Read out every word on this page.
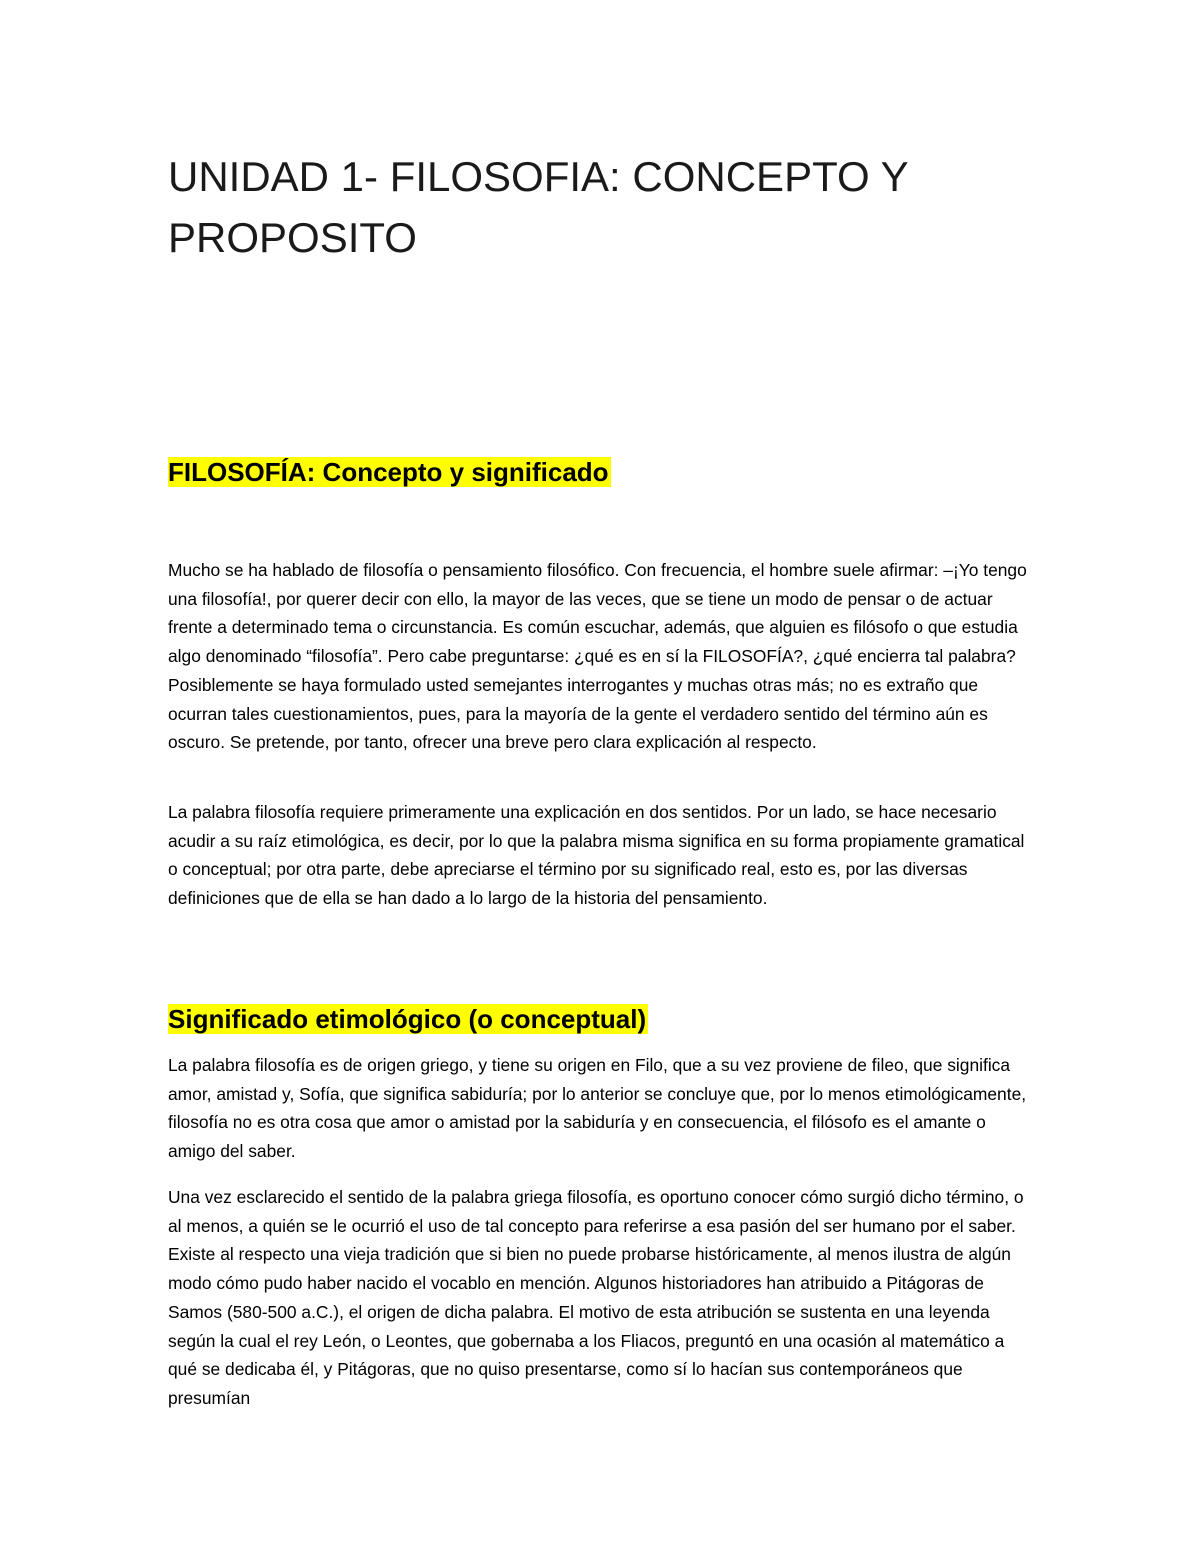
UNIDAD 1- FILOSOFIA: CONCEPTO Y
PROPOSITO
FILOSOFÍA: Concepto y significado

Mucho se ha hablado de filosofía o pensamiento filosófico. Con frecuencia, el hombre suele afirmar: –¡Yo tengo una filosofía!, por querer decir con ello, la mayor de las veces, que se tiene un modo de pensar o de actuar frente a determinado tema o circunstancia. Es común escuchar, además, que alguien es filósofo o que estudia algo denominado “filosofía”. Pero cabe preguntarse: ¿qué es en sí la FILOSOFÍA?, ¿qué encierra tal palabra? Posiblemente se haya formulado usted semejantes interrogantes y muchas otras más; no es extraño que ocurran tales cuestionamientos, pues, para la mayoría de la gente el verdadero sentido del término aún es oscuro. Se pretende, por tanto, ofrecer una breve pero clara explicación al respecto.

La palabra filosofía requiere primeramente una explicación en dos sentidos. Por un lado, se hace necesario acudir a su raíz etimológica, es decir, por lo que la palabra misma significa en su forma propiamente gramatical o conceptual; por otra parte, debe apreciarse el término por su significado real, esto es, por las diversas definiciones que de ella se han dado a lo largo de la historia del pensamiento.

Significado etimológico (o conceptual)

La palabra filosofía es de origen griego, y tiene su origen en Filo, que a su vez proviene de fileo, que significa amor, amistad y, Sofía, que significa sabiduría; por lo anterior se concluye que, por lo menos etimológicamente, filosofía no es otra cosa que amor o amistad por la sabiduría y en consecuencia, el filósofo es el amante o amigo del saber.

Una vez esclarecido el sentido de la palabra griega filosofía, es oportuno conocer cómo surgió dicho término, o al menos, a quién se le ocurrió el uso de tal concepto para referirse a esa pasión del ser humano por el saber. Existe al respecto una vieja tradición que si bien no puede probarse históricamente, al menos ilustra de algún modo cómo pudo haber nacido el vocablo en mención. Algunos historiadores han atribuido a Pitágoras de Samos (580-500 a.C.), el origen de dicha palabra. El motivo de esta atribución se sustenta en una leyenda según la cual el rey León, o Leontes, que gobernaba a los Fliacos, preguntó en una ocasión al matemático a qué se dedicaba él, y Pitágoras, que no quiso presentarse, como sí lo hacían sus contemporáneos que presumían
